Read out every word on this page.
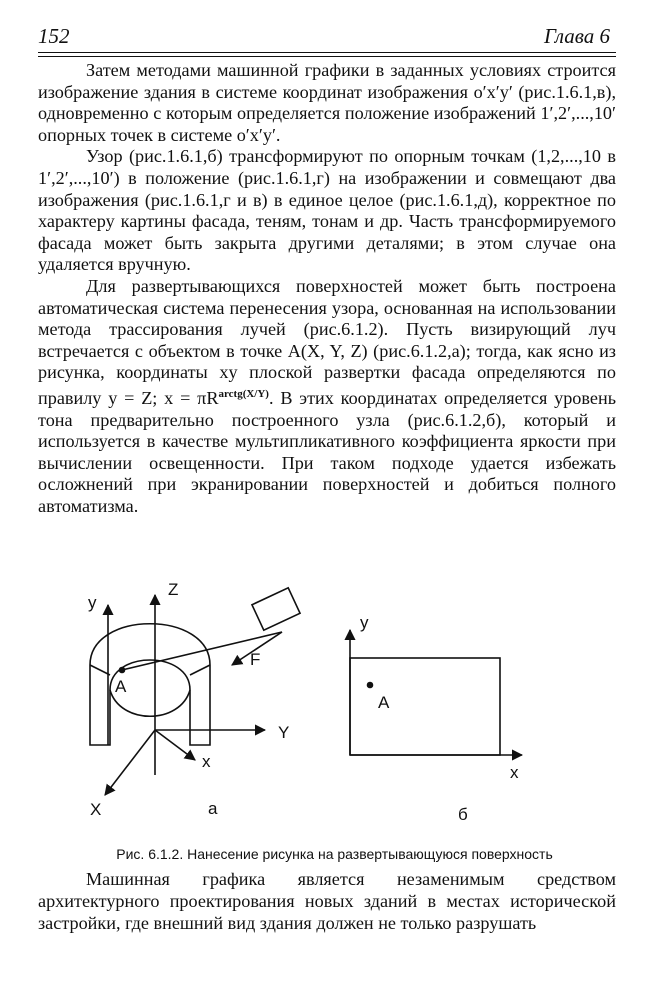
152	Глава 6

Затем методами машинной графики в заданных условиях строится изображение здания в системе координат изображения o′x′y′ (рис.1.6.1,в), одновременно с которым определяется положение изображений 1′,2′,...,10′ опорных точек в системе o′x′y′.

Узор (рис.1.6.1,б) трансформируют по опорным точкам (1,2,...,10 в 1′,2′,...,10′) в положение (рис.1.6.1,г) на изображении и совмещают два изображения (рис.1.6.1,г и в) в единое целое (рис.1.6.1,д), корректное по характеру картины фасада, теням, тонам и др. Часть трансформируемого фасада может быть закрыта другими деталями; в этом случае она удаляется вручную.

Для развертывающихся поверхностей может быть построена автоматическая система перенесения узора, основанная на использовании метода трассирования лучей (рис.6.1.2). Пусть визирующий луч встречается с объектом в точке A(X, Y, Z) (рис.6.1.2,а); тогда, как ясно из рисунка, координаты xy плоской развертки фасада определяются по правилу y = Z; $x = \pi R^{arctg(X/Y)}$. В этих координатах определяется уровень тона предварительно построенного узла (рис.6.1.2,б), который и используется в качестве мультипликативного коэффициента яркости при вычислении освещенности. При таком подходе удается избежать осложнений при экранировании поверхностей и добиться полного автоматизма.

y
Z
A
F
Y
x
X	а
y
A
x
б
Рис. 6.1.2. Нанесение рисунка на развертывающуюся поверхность

Машинная графика является незаменимым средством архитектурного проектирования новых зданий в местах исторической застройки, где внешний вид здания должен не только разрушать
